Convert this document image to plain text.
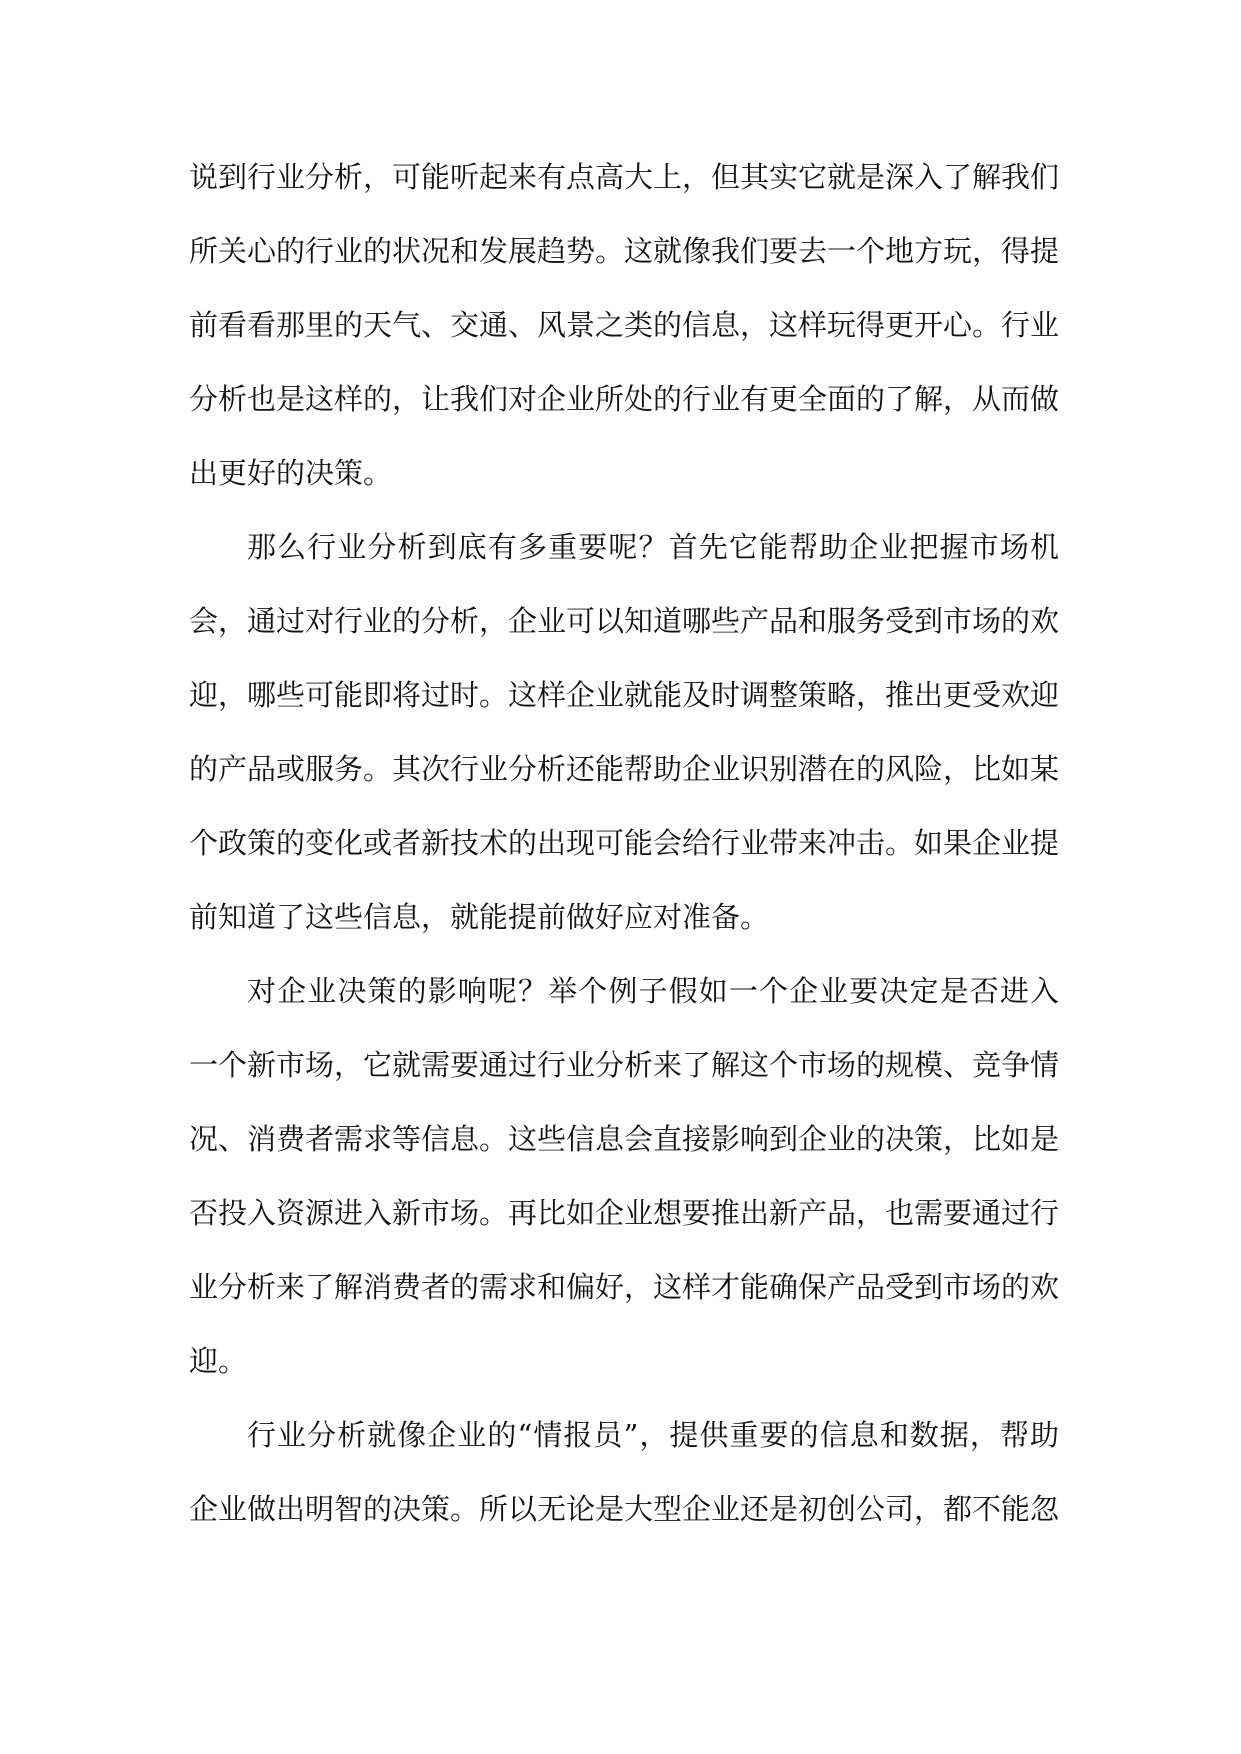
说到行业分析，可能听起来有点高大上，但其实它就是深入了解我们
所关心的行业的状况和发展趋势。这就像我们要去一个地方玩，得提
前看看那里的天气、交通、风景之类的信息，这样玩得更开心。行业
分析也是这样的，让我们对企业所处的行业有更全面的了解，从而做
出更好的决策。
那么行业分析到底有多重要呢？首先它能帮助企业把握市场机
会，通过对行业的分析，企业可以知道哪些产品和服务受到市场的欢
迎，哪些可能即将过时。这样企业就能及时调整策略，推出更受欢迎
的产品或服务。其次行业分析还能帮助企业识别潜在的风险，比如某
个政策的变化或者新技术的出现可能会给行业带来冲击。如果企业提
前知道了这些信息，就能提前做好应对准备。
对企业决策的影响呢？举个例子假如一个企业要决定是否进入
一个新市场，它就需要通过行业分析来了解这个市场的规模、竞争情
况、消费者需求等信息。这些信息会直接影响到企业的决策，比如是
否投入资源进入新市场。再比如企业想要推出新产品，也需要通过行
业分析来了解消费者的需求和偏好，这样才能确保产品受到市场的欢
迎。
行业分析就像企业的“情报员”，提供重要的信息和数据，帮助
企业做出明智的决策。所以无论是大型企业还是初创公司，都不能忽
